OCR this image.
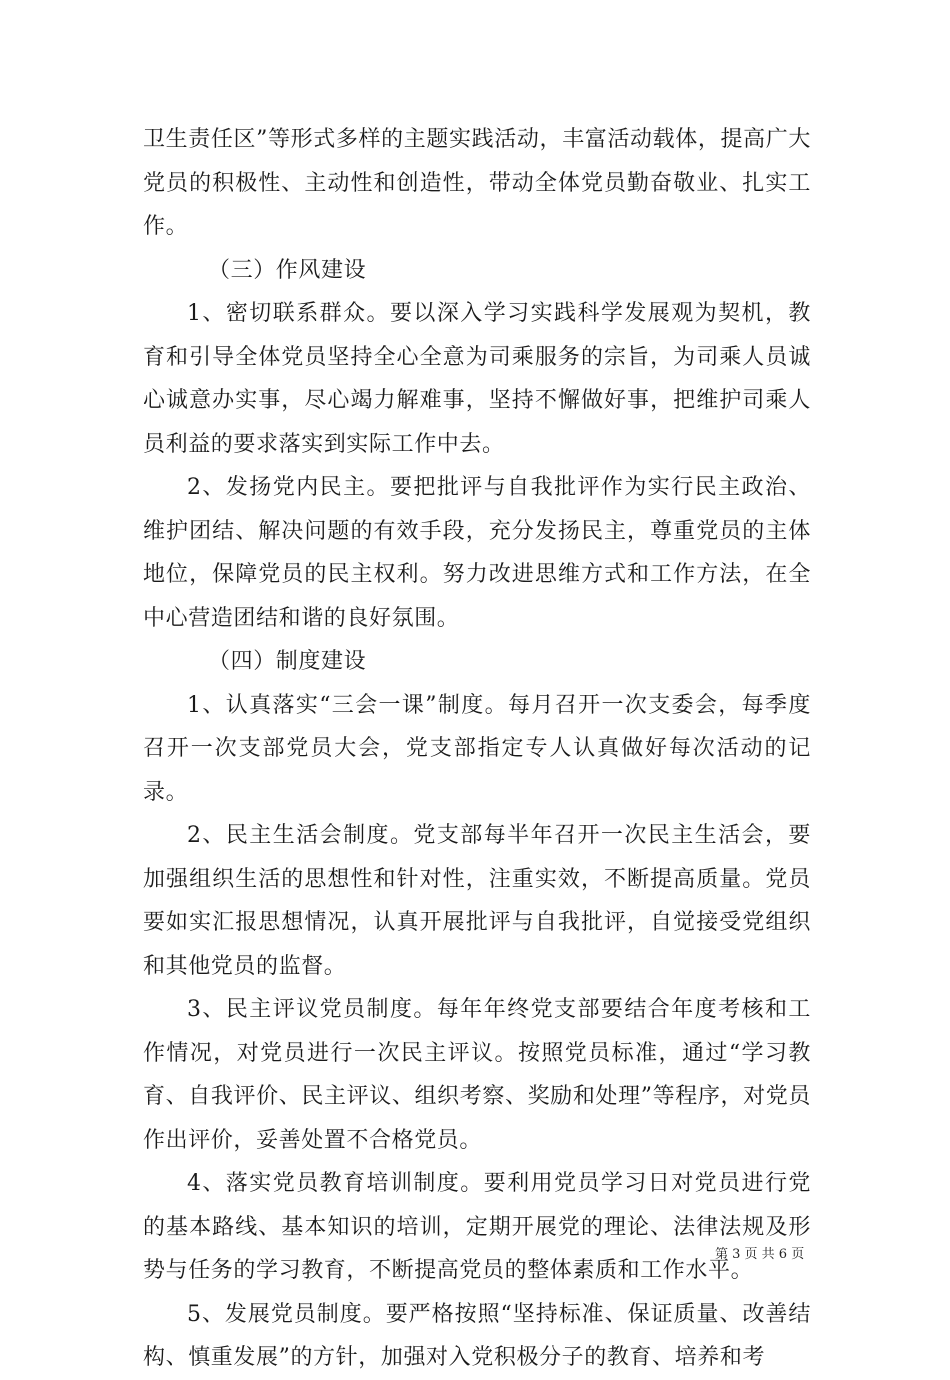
卫生责任区”等形式多样的主题实践活动，丰富活动载体，提高广大党员的积极性、主动性和创造性，带动全体党员勤奋敬业、扎实工作。

（三）作风建设

1、密切联系群众。要以深入学习实践科学发展观为契机，教育和引导全体党员坚持全心全意为司乘服务的宗旨，为司乘人员诚心诚意办实事，尽心竭力解难事，坚持不懈做好事，把维护司乘人员利益的要求落实到实际工作中去。

2、发扬党内民主。要把批评与自我批评作为实行民主政治、维护团结、解决问题的有效手段，充分发扬民主，尊重党员的主体地位，保障党员的民主权利。努力改进思维方式和工作方法，在全中心营造团结和谐的良好氛围。

（四）制度建设

1、认真落实“三会一课”制度。每月召开一次支委会，每季度召开一次支部党员大会，党支部指定专人认真做好每次活动的记录。

2、民主生活会制度。党支部每半年召开一次民主生活会，要加强组织生活的思想性和针对性，注重实效，不断提高质量。党员要如实汇报思想情况，认真开展批评与自我批评，自觉接受党组织和其他党员的监督。

3、民主评议党员制度。每年年终党支部要结合年度考核和工作情况，对党员进行一次民主评议。按照党员标准，通过“学习教育、自我评价、民主评议、组织考察、奖励和处理”等程序，对党员作出评价，妥善处置不合格党员。

4、落实党员教育培训制度。要利用党员学习日对党员进行党的基本路线、基本知识的培训，定期开展党的理论、法律法规及形势与任务的学习教育，不断提高党员的整体素质和工作水平。

5、发展党员制度。要严格按照“坚持标准、保证质量、改善结构、慎重发展”的方针，加强对入党积极分子的教育、培养和考

第 3 页 共 6 页
